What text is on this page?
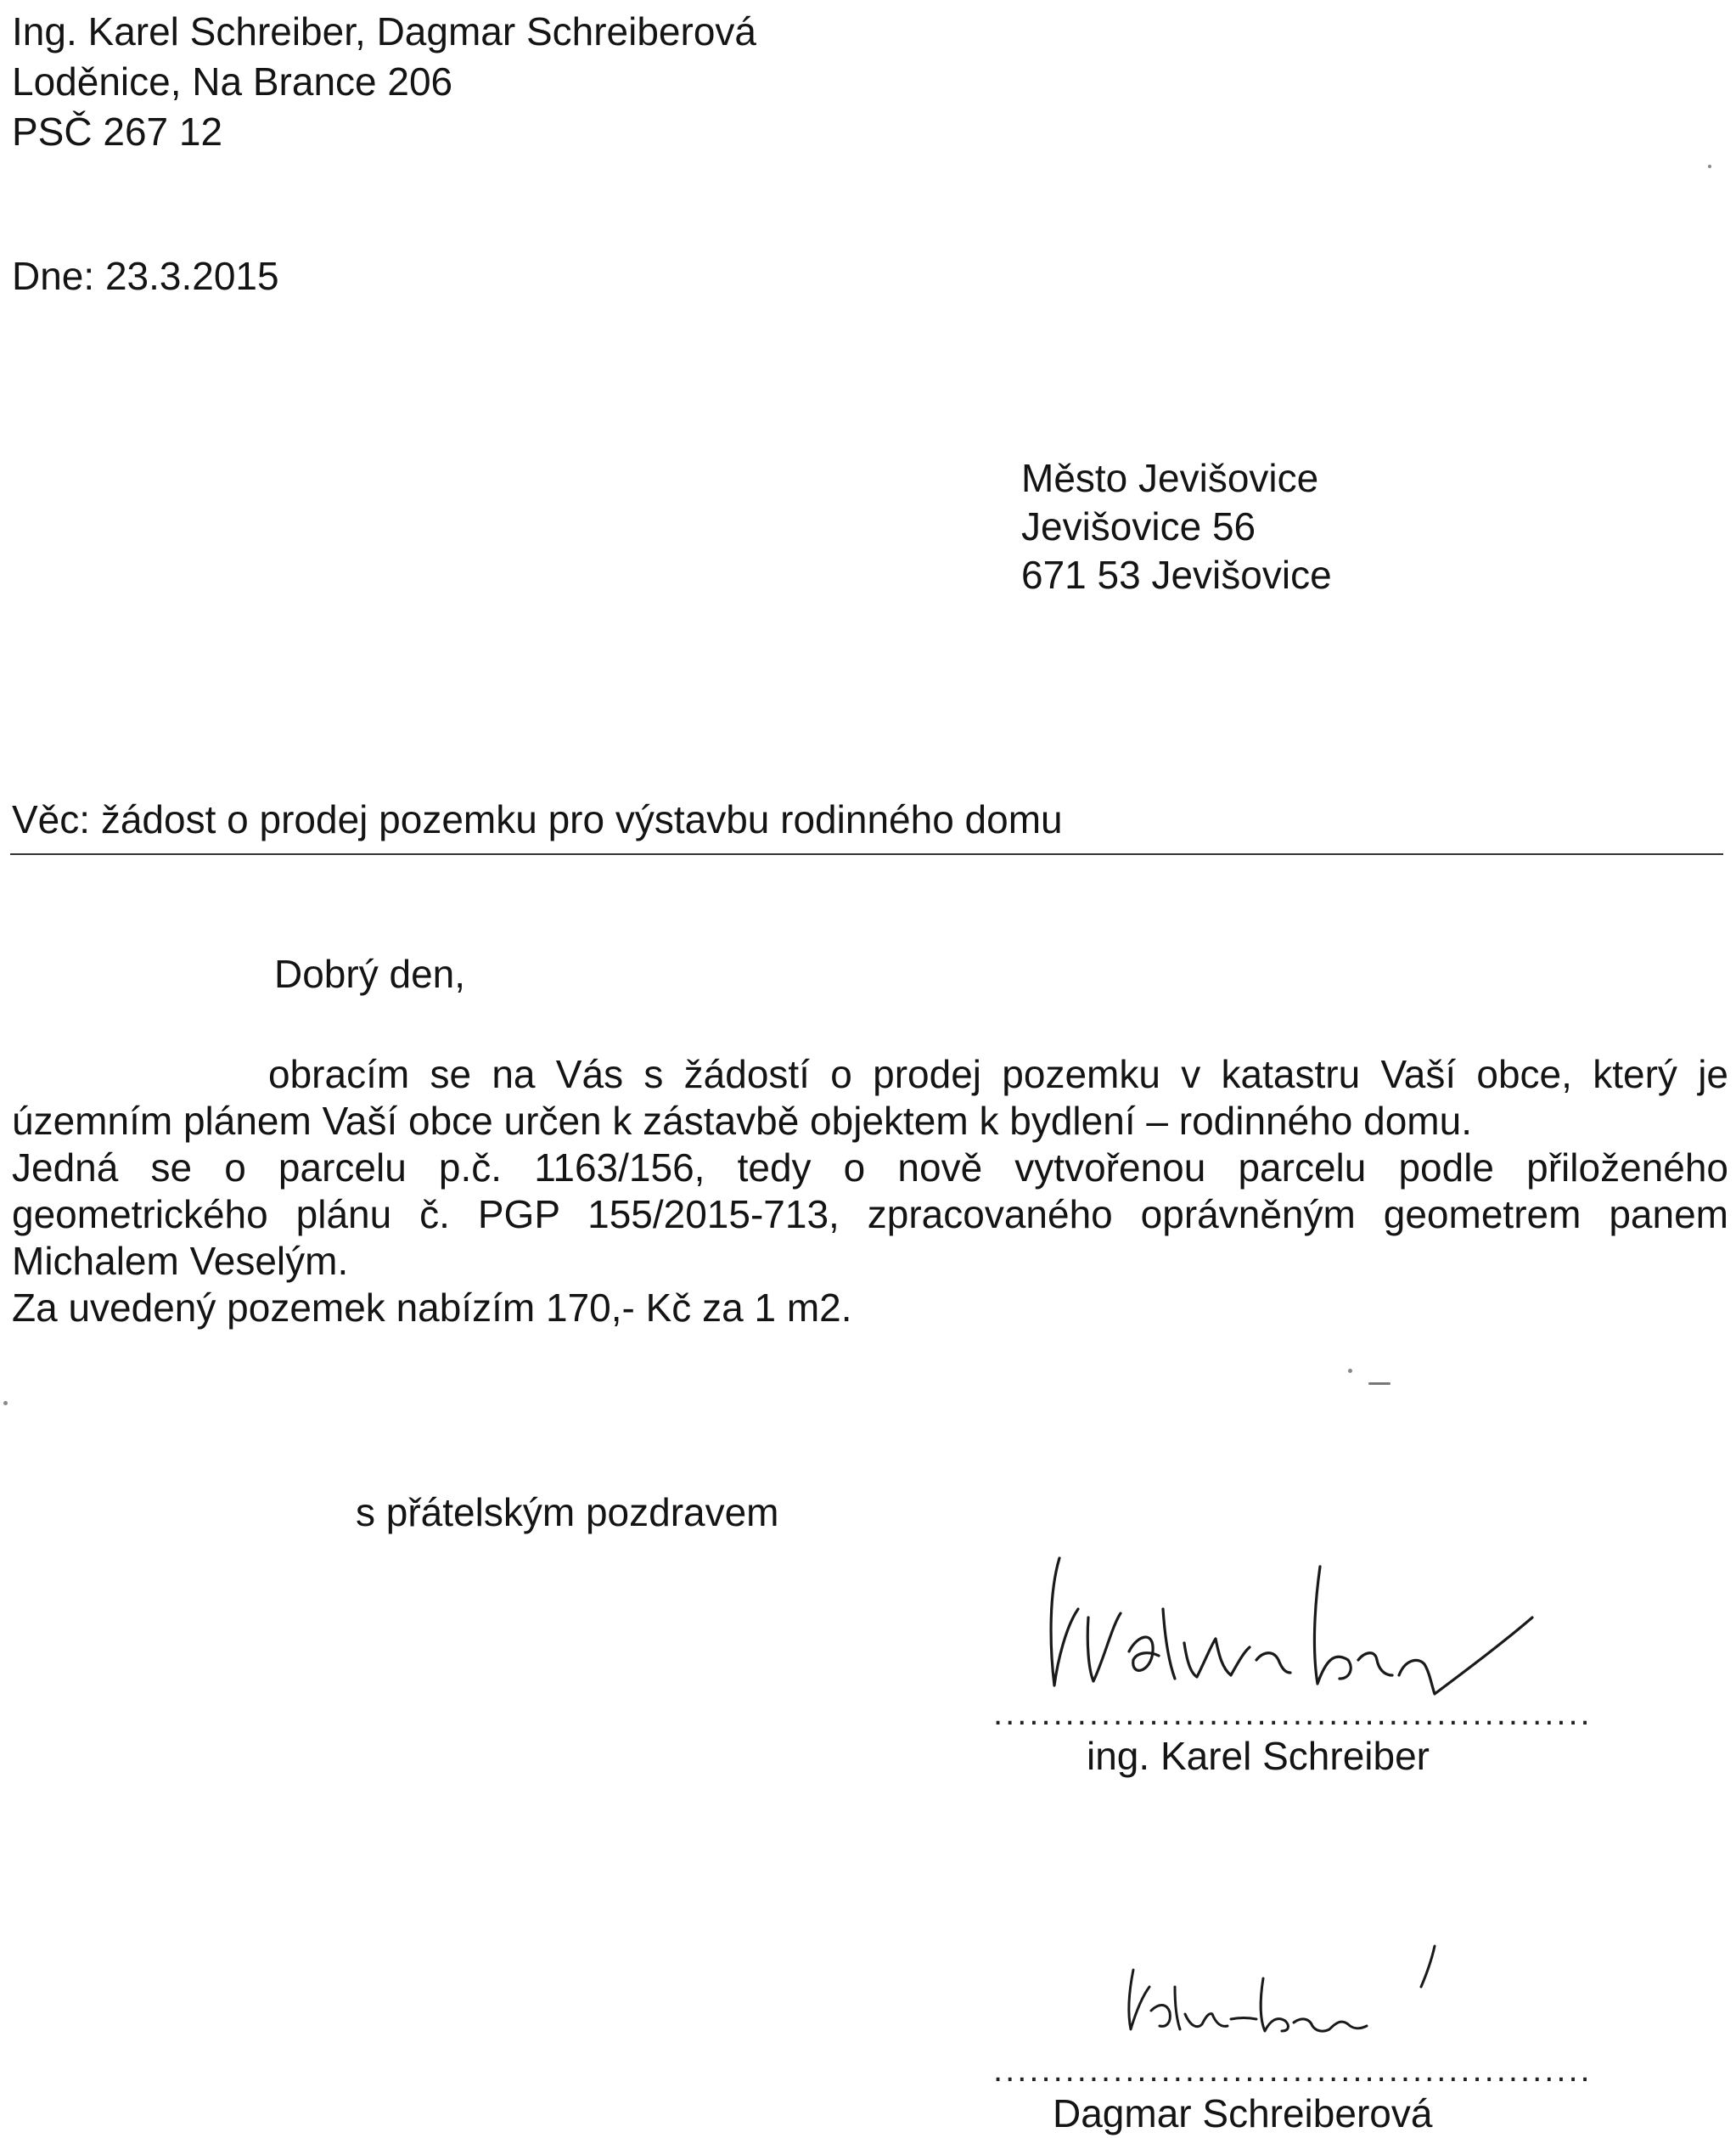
Ing. Karel Schreiber, Dagmar Schreiberová
Loděnice, Na Brance 206
PSČ 267 12
Dne: 23.3.2015
Město Jevišovice
Jevišovice 56
671 53 Jevišovice
Věc: žádost o prodej pozemku pro výstavbu rodinného domu
Dobrý den,

obracím se na Vás s žádostí o prodej pozemku v katastru Vaší obce, který je územním plánem Vaší obce určen k zástavbě objektem k bydlení – rodinného domu.

Jedná se o parcelu p.č. 1163/156, tedy o nově vytvořenou parcelu podle přiloženého geometrického plánu č. PGP 155/2015-713, zpracovaného oprávněným geometrem panem Michalem Veselým.

Za uvedený pozemek nabízím 170,- Kč za 1 m2.

s přátelským pozdravem
..................................................
ing. Karel Schreiber
..................................................
Dagmar Schreiberová
